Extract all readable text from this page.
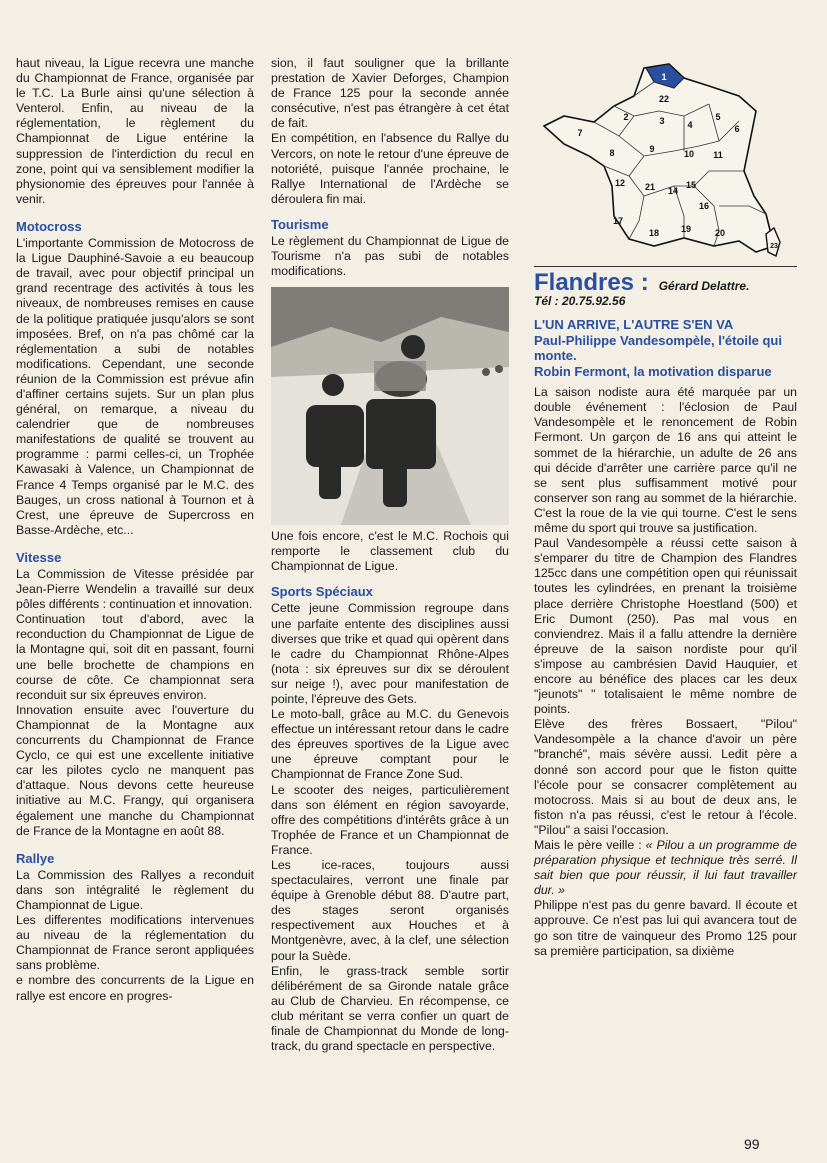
haut niveau, la Ligue recevra une manche du Championnat de France, organisée par le T.C. La Burle ainsi qu'une sélection à Venterol. Enfin, au niveau de la réglementation, le règlement du Championnat de Ligue entérine la suppression de l'interdiction du recul en zone, point qui va sensiblement modifier la physionomie des épreuves pour l'année à venir.

Motocross

L'importante Commission de Motocross de la Ligue Dauphiné-Savoie a eu beaucoup de travail, avec pour objectif principal un grand recentrage des activités à tous les niveaux, de nombreuses remises en cause de la politique pratiquée jusqu'alors se sont imposées. Bref, on n'a pas chômé car la réglementation a subi de notables modifications. Cependant, une seconde réunion de la Commission est prévue afin d'affiner certains sujets. Sur un plan plus général, on remarque, a niveau du calendrier que de nombreuses manifestations de qualité se trouvent au programme : parmi celles-ci, un Trophée Kawasaki à Valence, un Championnat de France 4 Temps organisé par le M.C. des Bauges, un cross national à Tournon et à Crest, une épreuve de Supercross en Basse-Ardèche, etc...

Vitesse

La Commission de Vitesse présidée par Jean-Pierre Wendelin a travaillé sur deux pôles différents : continuation et innovation.

Continuation tout d'abord, avec la reconduction du Championnat de Ligue de la Montagne qui, soit dit en passant, fourni une belle brochette de champions en course de côte. Ce championnat sera reconduit sur six épreuves environ.

Innovation ensuite avec l'ouverture du Championnat de la Montagne aux concurrents du Championnat de France Cyclo, ce qui est une excellente initiative car les pilotes cyclo ne manquent pas d'attaque. Nous devons cette heureuse initiative au M.C. Frangy, qui organisera également une manche du Championnat de France de la Montagne en août 88.

Rallye

La Commission des Rallyes a reconduit dans son intégralité le règlement du Championnat de Ligue.

Les differentes modifications intervenues au niveau de la réglementation du Championnat de France seront appliquées sans problème.

e nombre des concurrents de la Ligue en rallye est encore en progres-

sion, il faut souligner que la brillante prestation de Xavier Deforges, Champion de France 125 pour la seconde année consécutive, n'est pas étrangère à cet état de fait.

En compétition, en l'absence du Rallye du Vercors, on note le retour d'une épreuve de notoriété, puisque l'année prochaine, le Rallye International de l'Ardèche se déroulera fin mai.

Tourisme

Le règlement du Championnat de Ligue de Tourisme n'a pas subi de notables modifications.

Une fois encore, c'est le M.C. Rochois qui remporte le classement club du Championnat de Ligue.

Sports Spéciaux

Cette jeune Commission regroupe dans une parfaite entente des disciplines aussi diverses que trike et quad qui opèrent dans le cadre du Championnat Rhône-Alpes (nota : six épreuves sur dix se déroulent sur neige !), avec pour manifestation de pointe, l'épreuve des Gets.

Le moto-ball, grâce au M.C. du Genevois effectue un intéressant retour dans le cadre des épreuves sportives de la Ligue avec une épreuve comptant pour le Championnat de France Zone Sud.

Le scooter des neiges, particulièrement dans son élément en région savoyarde, offre des compétitions d'intérêts grâce à un Trophée de France et un Championnat de France.

Les ice-races, toujours aussi spectaculaires, verront une finale par équipe à Grenoble début 88. D'autre part, des stages seront organisés respectivement aux Houches et à Montgenèvre, avec, à la clef, une sélection pour la Suède.

Enfin, le grass-track semble sortir délibérément de sa Gironde natale grâce au Club de Charvieu. En récompense, ce club méritant se verra confier un quart de finale de Championnat du Monde de long-track, du grand spectacle en perspective.

1
22
2	3	4
5
6
7
8	9	10 11
12 21 14
15
16
17
18 19	20
23
Flandres : Gérard Delattre.

Tél : 20.75.92.56

L'UN ARRIVE, L'AUTRE S'EN VA
Paul-Philippe Vandesompèle, l'étoile qui monte.
Robin Fermont, la motivation disparue

La saison nodiste aura été marquée par un double événement : l'éclosion de Paul Vandesompèle et le renoncement de Robin Fermont. Un garçon de 16 ans qui atteint le sommet de la hiérarchie, un adulte de 26 ans qui décide d'arrêter une carrière parce qu'il ne se sent plus suffisamment motivé pour conserver son rang au sommet de la hiérarchie. C'est la roue de la vie qui tourne. C'est le sens même du sport qui trouve sa justification.

Paul Vandesompèle a réussi cette saison à s'emparer du titre de Champion des Flandres 125cc dans une compétition open qui réunissait toutes les cylindrées, en prenant la troisième place derrière Christophe Hoestland (500) et Eric Dumont (250). Pas mal vous en conviendrez. Mais il a fallu attendre la dernière épreuve de la saison nordiste pour qu'il s'impose au cambrésien David Hauquier, et encore au bénéfice des places car les deux "jeunots" " totalisaient le même nombre de points.

Elève des frères Bossaert, "Pilou" Vandesompèle a la chance d'avoir un père "branché", mais sévère aussi. Ledit père a donné son accord pour que le fiston quitte l'école pour se consacrer complètement au motocross. Mais si au bout de deux ans, le fiston n'a pas réussi, c'est le retour à l'école. "Pilou" a saisi l'occasion.

Mais le père veille : « Pilou a un programme de préparation physique et technique très serré. Il sait bien que pour réussir, il lui faut travailler dur. »

Philippe n'est pas du genre bavard. Il écoute et approuve. Ce n'est pas lui qui avancera tout de go son titre de vainqueur des Promo 125 pour sa première participation, sa dixième

99
